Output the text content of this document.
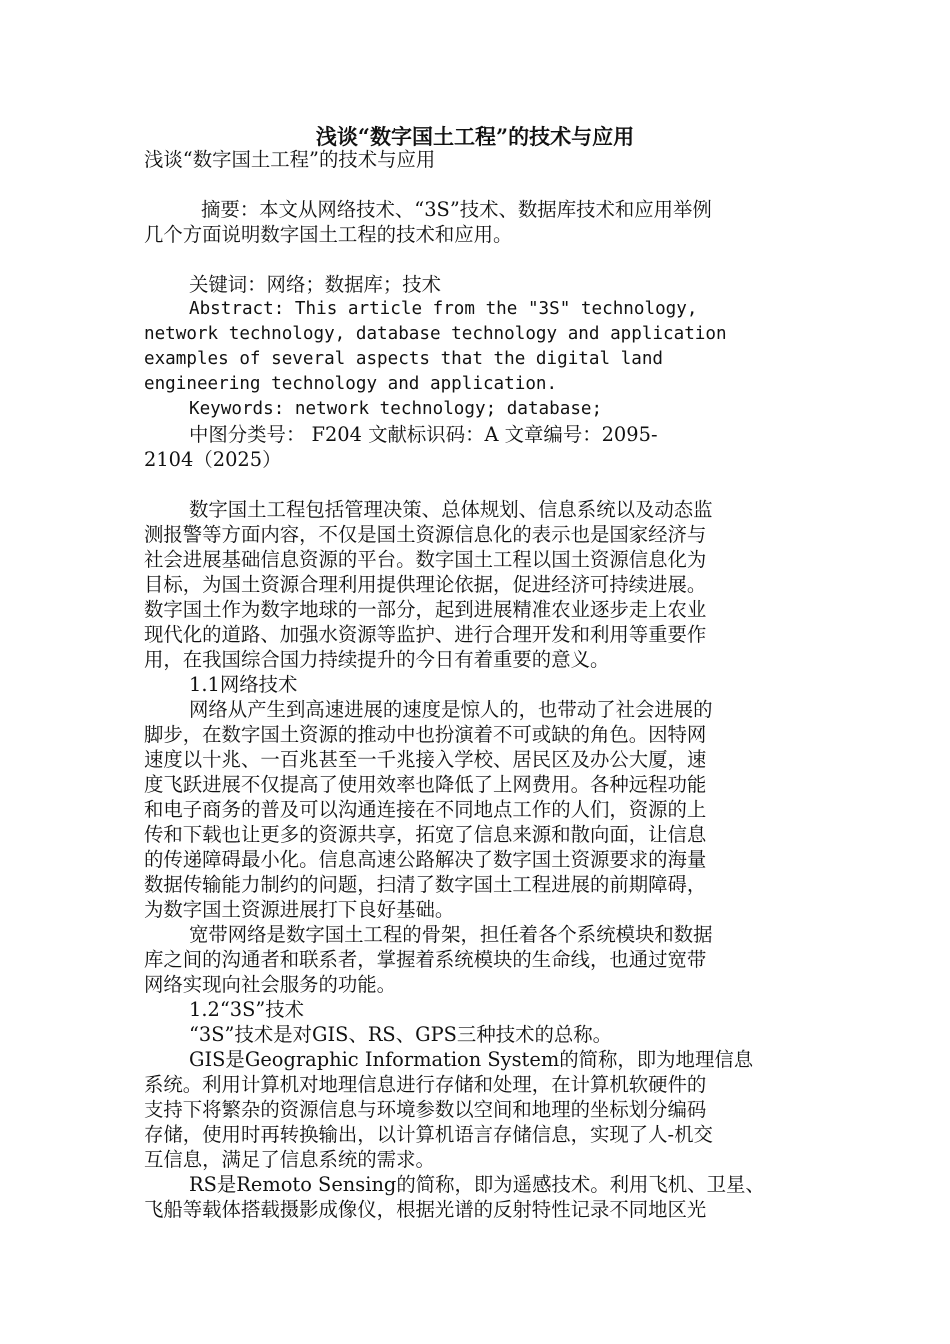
浅谈“数字国土工程”的技术与应用
浅谈“数字国土工程”的技术与应用
摘要：本文从网络技术、“3S”技术、数据库技术和应用举例
几个方面说明数字国土工程的技术和应用。
关键词：网络；数据库；技术
Abstract: This article from the "3S" technology,
network technology, database technology and application
examples of several aspects that the digital land
engineering technology and application.
Keywords: network technology; database;
中图分类号： F204 文献标识码：A 文章编号：2095-
2104（2025）
数字国土工程包括管理决策、总体规划、信息系统以及动态监
测报警等方面内容，不仅是国土资源信息化的表示也是国家经济与
社会进展基础信息资源的平台。数字国土工程以国土资源信息化为
目标，为国土资源合理利用提供理论依据，促进经济可持续进展。
数字国土作为数字地球的一部分，起到进展精准农业逐步走上农业
现代化的道路、加强水资源等监护、进行合理开发和利用等重要作
用，在我国综合国力持续提升的今日有着重要的意义。
1.1网络技术
网络从产生到高速进展的速度是惊人的，也带动了社会进展的
脚步，在数字国土资源的推动中也扮演着不可或缺的角色。因特网
速度以十兆、一百兆甚至一千兆接入学校、居民区及办公大厦，速
度飞跃进展不仅提高了使用效率也降低了上网费用。各种远程功能
和电子商务的普及可以沟通连接在不同地点工作的人们，资源的上
传和下载也让更多的资源共享，拓宽了信息来源和散向面，让信息
的传递障碍最小化。信息高速公路解决了数字国土资源要求的海量
数据传输能力制约的问题，扫清了数字国土工程进展的前期障碍，
为数字国土资源进展打下良好基础。
宽带网络是数字国土工程的骨架，担任着各个系统模块和数据
库之间的沟通者和联系者，掌握着系统模块的生命线，也通过宽带
网络实现向社会服务的功能。
1.2“3S”技术
“3S”技术是对GIS、RS、GPS三种技术的总称。
GIS是Geographic Information System的简称，即为地理信息
系统。利用计算机对地理信息进行存储和处理，在计算机软硬件的
支持下将繁杂的资源信息与环境参数以空间和地理的坐标划分编码
存储，使用时再转换输出，以计算机语言存储信息，实现了人-机交
互信息，满足了信息系统的需求。
RS是Remoto Sensing的简称，即为遥感技术。利用飞机、卫星、
飞船等载体搭载摄影成像仪，根据光谱的反射特性记录不同地区光
